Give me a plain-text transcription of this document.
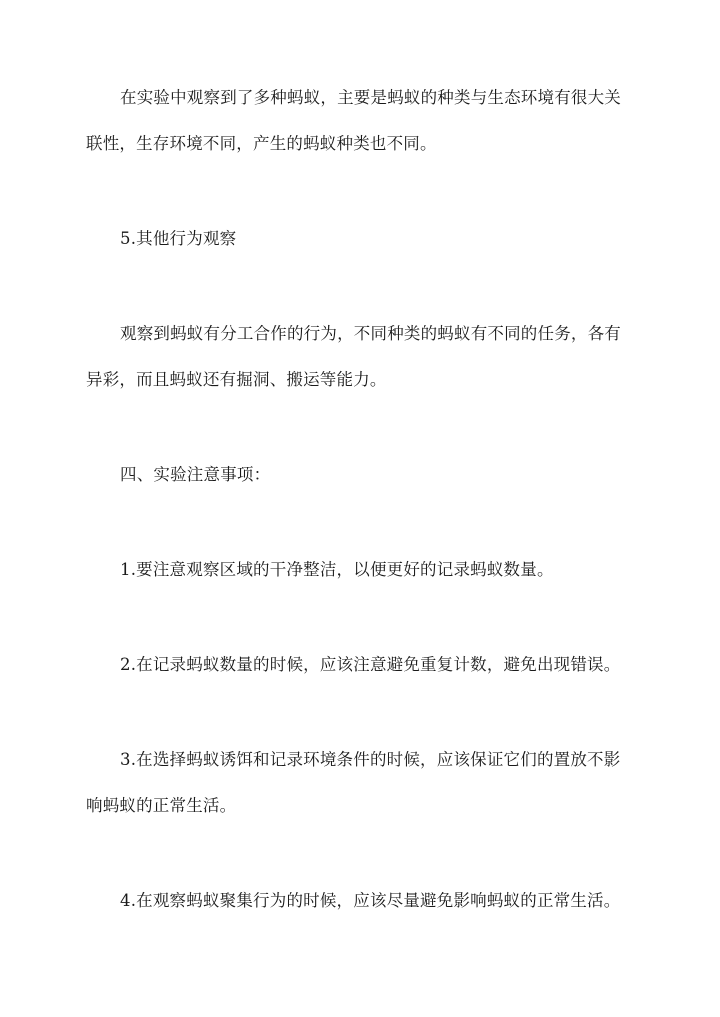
在实验中观察到了多种蚂蚁，主要是蚂蚁的种类与生态环境有很大关
联性，生存环境不同，产生的蚂蚁种类也不同。
5.其他行为观察
观察到蚂蚁有分工合作的行为，不同种类的蚂蚁有不同的任务，各有
异彩，而且蚂蚁还有掘洞、搬运等能力。
四、实验注意事项：
1.要注意观察区域的干净整洁，以便更好的记录蚂蚁数量。
2.在记录蚂蚁数量的时候，应该注意避免重复计数，避免出现错误。
3.在选择蚂蚁诱饵和记录环境条件的时候，应该保证它们的置放不影
响蚂蚁的正常生活。
4.在观察蚂蚁聚集行为的时候，应该尽量避免影响蚂蚁的正常生活。
